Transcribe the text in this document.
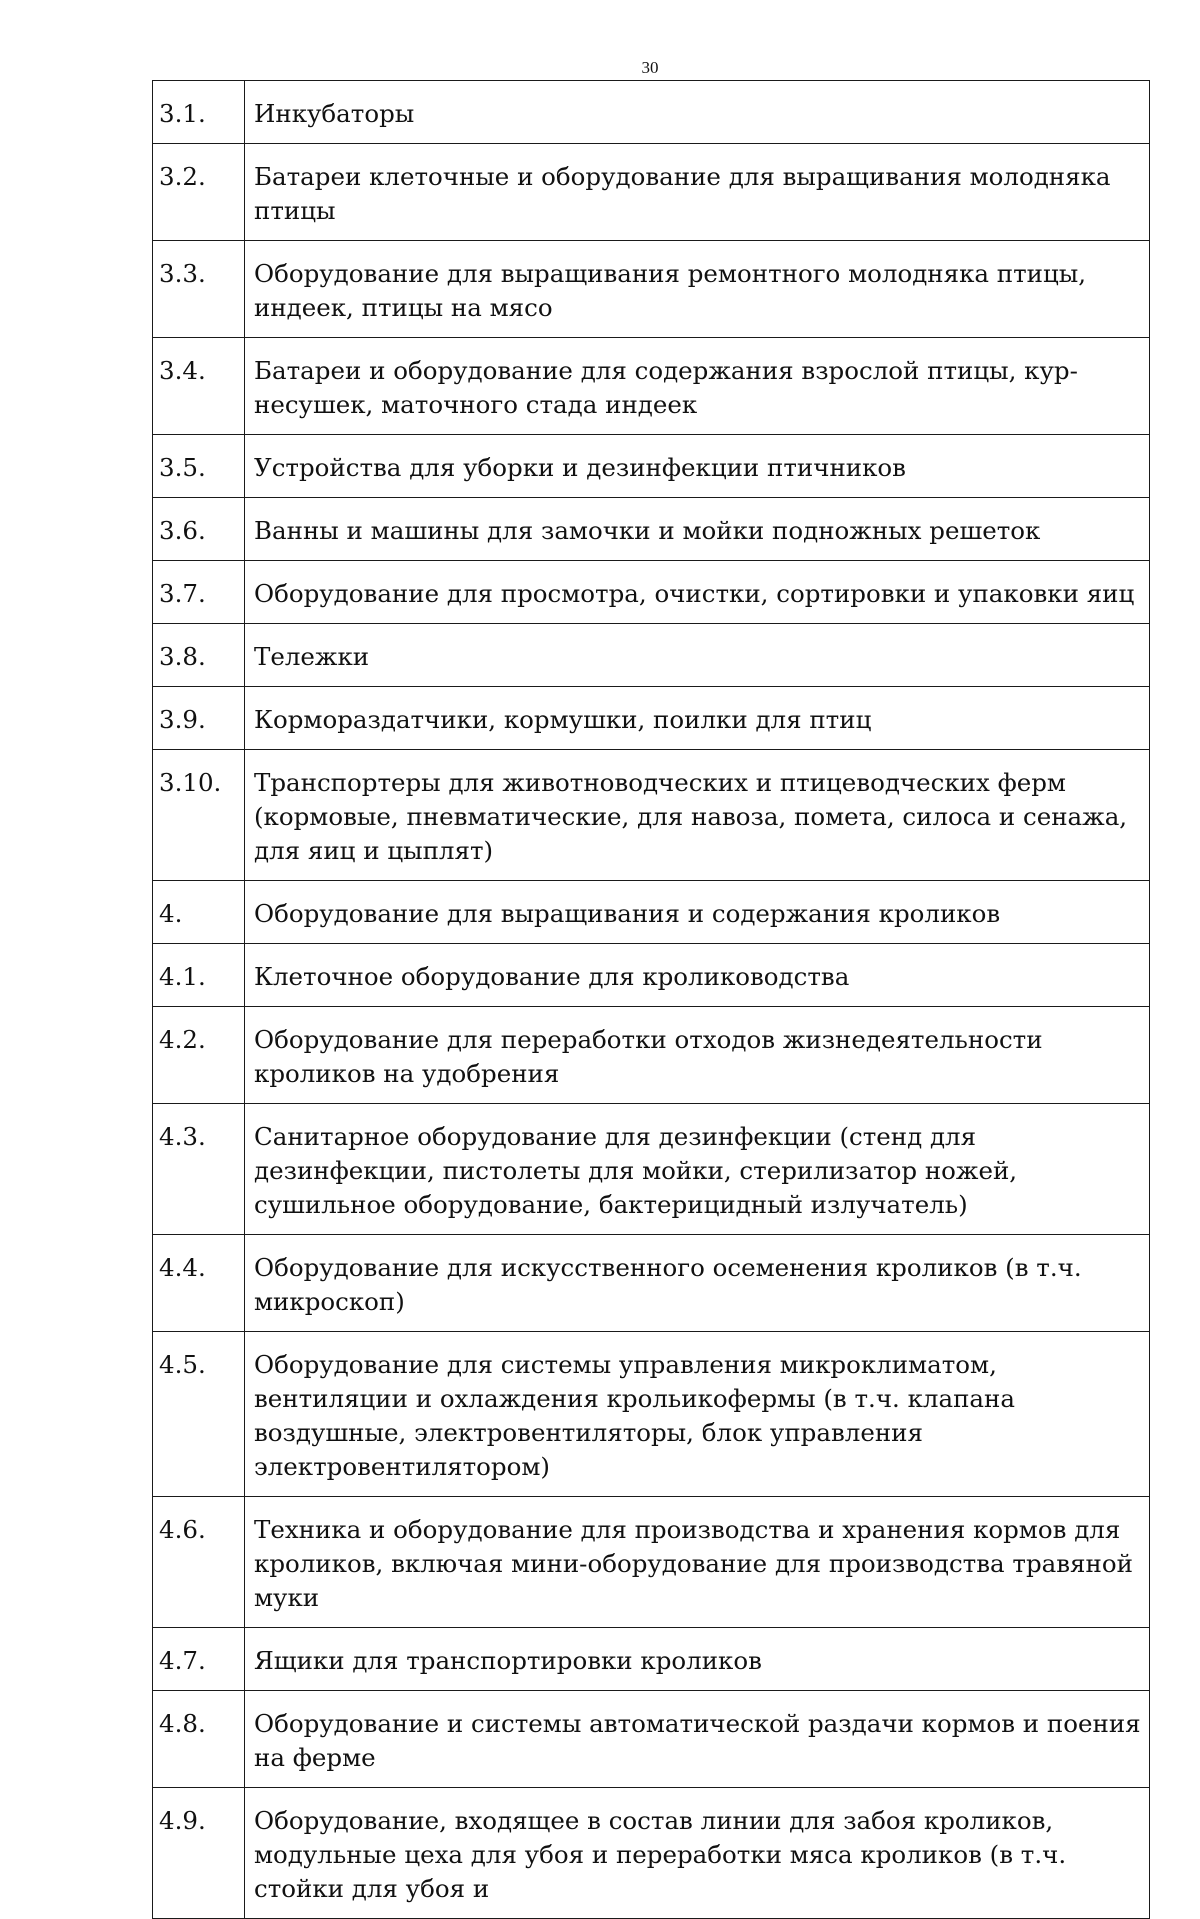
30
3.1.	Инкубаторы
3.2.	Батареи клеточные и оборудование для выращивания молодняка птицы
3.3.	Оборудование для выращивания ремонтного молодняка птицы, индеек, птицы на мясо
3.4.	Батареи и оборудование для содержания взрослой птицы, кур-несушек, маточного стада индеек
3.5.	Устройства для уборки и дезинфекции птичников
3.6.	Ванны и машины для замочки и мойки подножных решеток
3.7.	Оборудование для просмотра, очистки, сортировки и упаковки яиц
3.8.	Тележки
3.9.	Кормораздатчики, кормушки, поилки для птиц
3.10.	Транспортеры для животноводческих и птицеводческих ферм (кормовые, пневматические, для навоза, помета, силоса и сенажа, для яиц и цыплят)
4.	Оборудование для выращивания и содержания кроликов
4.1.	Клеточное оборудование для кролиководства
4.2.	Оборудование для переработки отходов жизнедеятельности кроликов на удобрения
4.3.	Санитарное оборудование для дезинфекции (стенд для дезинфекции, пистолеты для мойки, стерилизатор ножей, сушильное оборудование, бактерицидный излучатель)
4.4.	Оборудование для искусственного осеменения кроликов (в т.ч. микроскоп)
4.5.	Оборудование для системы управления микроклиматом, вентиляции и охлаждения крольикофермы (в т.ч. клапана воздушные, электровентиляторы, блок управления электровентилятором)
4.6.	Техника и оборудование для производства и хранения кормов для кроликов, включая мини-оборудование для производства травяной муки
4.7.	Ящики для транспортировки кроликов
4.8.	Оборудование и системы автоматической раздачи кормов и поения на ферме
4.9.	Оборудование, входящее в состав линии для забоя кроликов, модульные цеха для убоя и переработки мяса кроликов (в т.ч. стойки для убоя и
